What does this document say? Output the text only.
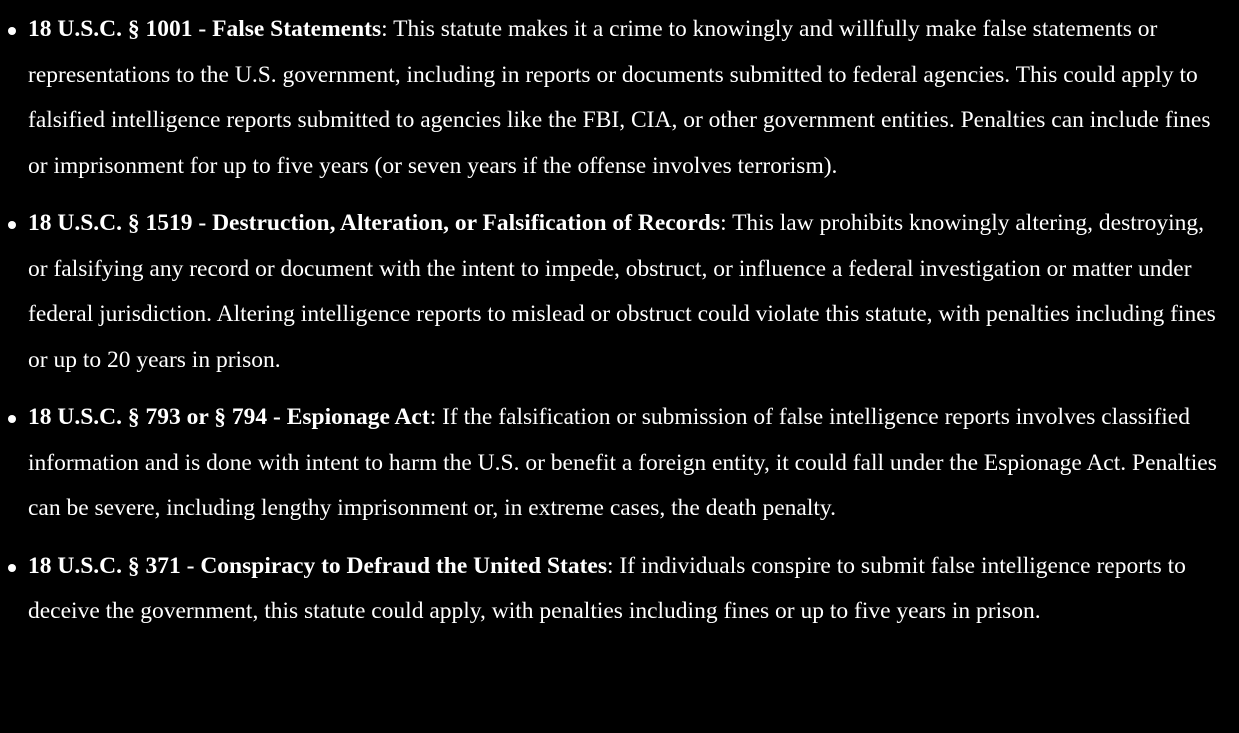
18 U.S.C. § 1001 - False Statements: This statute makes it a crime to knowingly and willfully make false statements or representations to the U.S. government, including in reports or documents submitted to federal agencies. This could apply to falsified intelligence reports submitted to agencies like the FBI, CIA, or other government entities. Penalties can include fines or imprisonment for up to five years (or seven years if the offense involves terrorism).
18 U.S.C. § 1519 - Destruction, Alteration, or Falsification of Records: This law prohibits knowingly altering, destroying, or falsifying any record or document with the intent to impede, obstruct, or influence a federal investigation or matter under federal jurisdiction. Altering intelligence reports to mislead or obstruct could violate this statute, with penalties including fines or up to 20 years in prison.
18 U.S.C. § 793 or § 794 - Espionage Act: If the falsification or submission of false intelligence reports involves classified information and is done with intent to harm the U.S. or benefit a foreign entity, it could fall under the Espionage Act. Penalties can be severe, including lengthy imprisonment or, in extreme cases, the death penalty.
18 U.S.C. § 371 - Conspiracy to Defraud the United States: If individuals conspire to submit false intelligence reports to deceive the government, this statute could apply, with penalties including fines or up to five years in prison.
